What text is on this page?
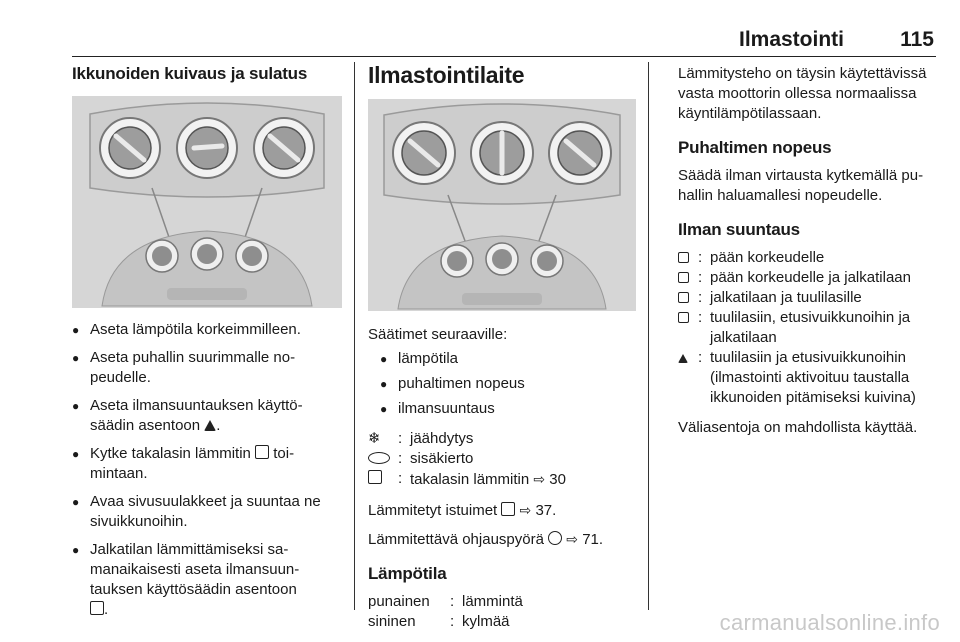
Ilmastointi	115
Ikkunoiden kuivaus ja sulatus
● Aseta lämpötila korkeimmilleen.
● Aseta puhallin suurimmalle no-peudelle.
● Aseta ilmansuuntauksen käyttö-säädin asentoon .
● Kytke takalasin lämmitin  toi-mintaan.
● Avaa sivusuulakkeet ja suuntaa ne sivuikkunoihin.
● Jalkatilan lämmittämiseksi sa-manaikaisesti aseta ilmansuun-tauksen käyttösäädin asentoon
.
Ilmastointilaite

Säätimet seuraaville:

● lämpötila
● puhaltimen nopeus
● ilmansuuntaus
❄	: jäähdytys
: sisäkierto
: takalasin lämmitin ⇨ 30

Lämmitetyt istuimet ⇨ 37.

Lämmitettävä ohjauspyörä ⇨ 71.

Lämpötila
punainen	: lämmintä
sininen	: kylmää

Lämmitysteho on täysin käytettävissä vasta moottorin ollessa normaalissa käyntilämpötilassaan.

Puhaltimen nopeus

Säädä ilman virtausta kytkemällä pu-hallin haluamallesi nopeudelle.

Ilman suuntaus
: pään korkeudelle
: pään korkeudelle ja jalkatilaan
: jalkatilaan ja tuulilasille
: tuulilasiin, etusivuikkunoihin ja jalkatilaan
: tuulilasiin ja etusivuikkunoihin (ilmastointi aktivoituu taustalla ikkunoiden pitämiseksi kuivina)

Väliasentoja on mahdollista käyttää.

carmanualsonline.info
